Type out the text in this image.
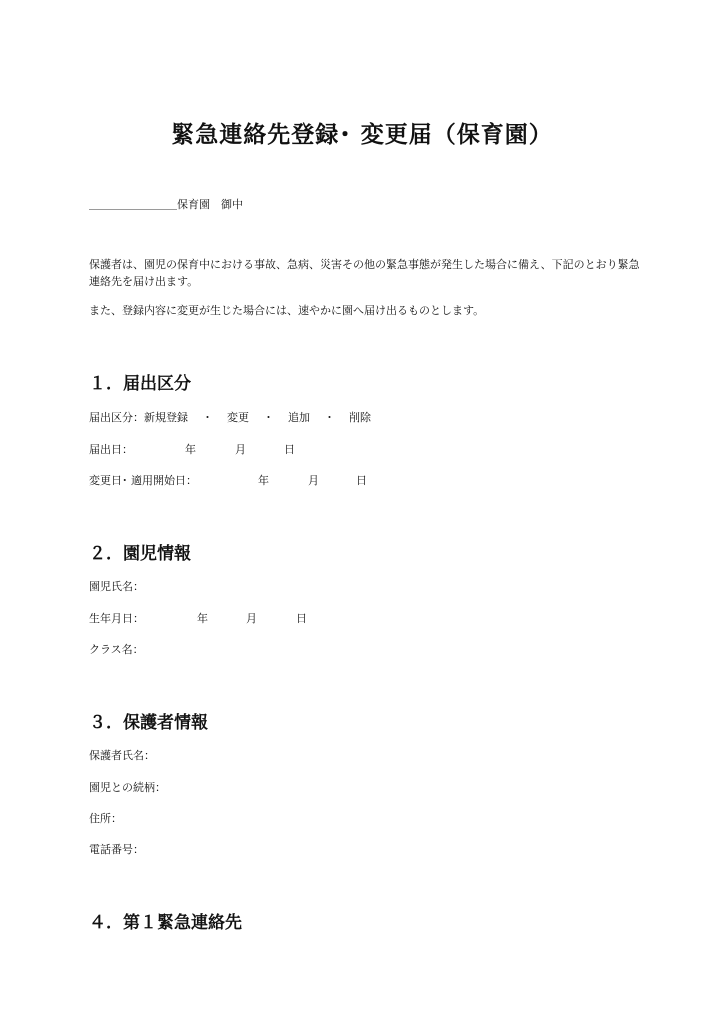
緊急連絡先登録･ 変更届（保育園）
＿＿＿＿＿＿＿＿保育園　御中
保護者は、園児の保育中における事故、急病、災害その他の緊急事態が発生した場合に備え、下記のとおり緊急連絡先を届け出ます。
また、登録内容に変更が生じた場合には、速やかに園へ届け出るものとします。
１．届出区分
届出区分：新規登録 ・ 変更 ・ 追加 ・ 削除
届出日：	年	月	日
変更日･ 適用開始日：	年	月	日
２．園児情報
園児氏名：
生年月日：	年	月	日
クラス名：
３．保護者情報
保護者氏名：
園児との続柄：
住所：
電話番号：
４．第１緊急連絡先
